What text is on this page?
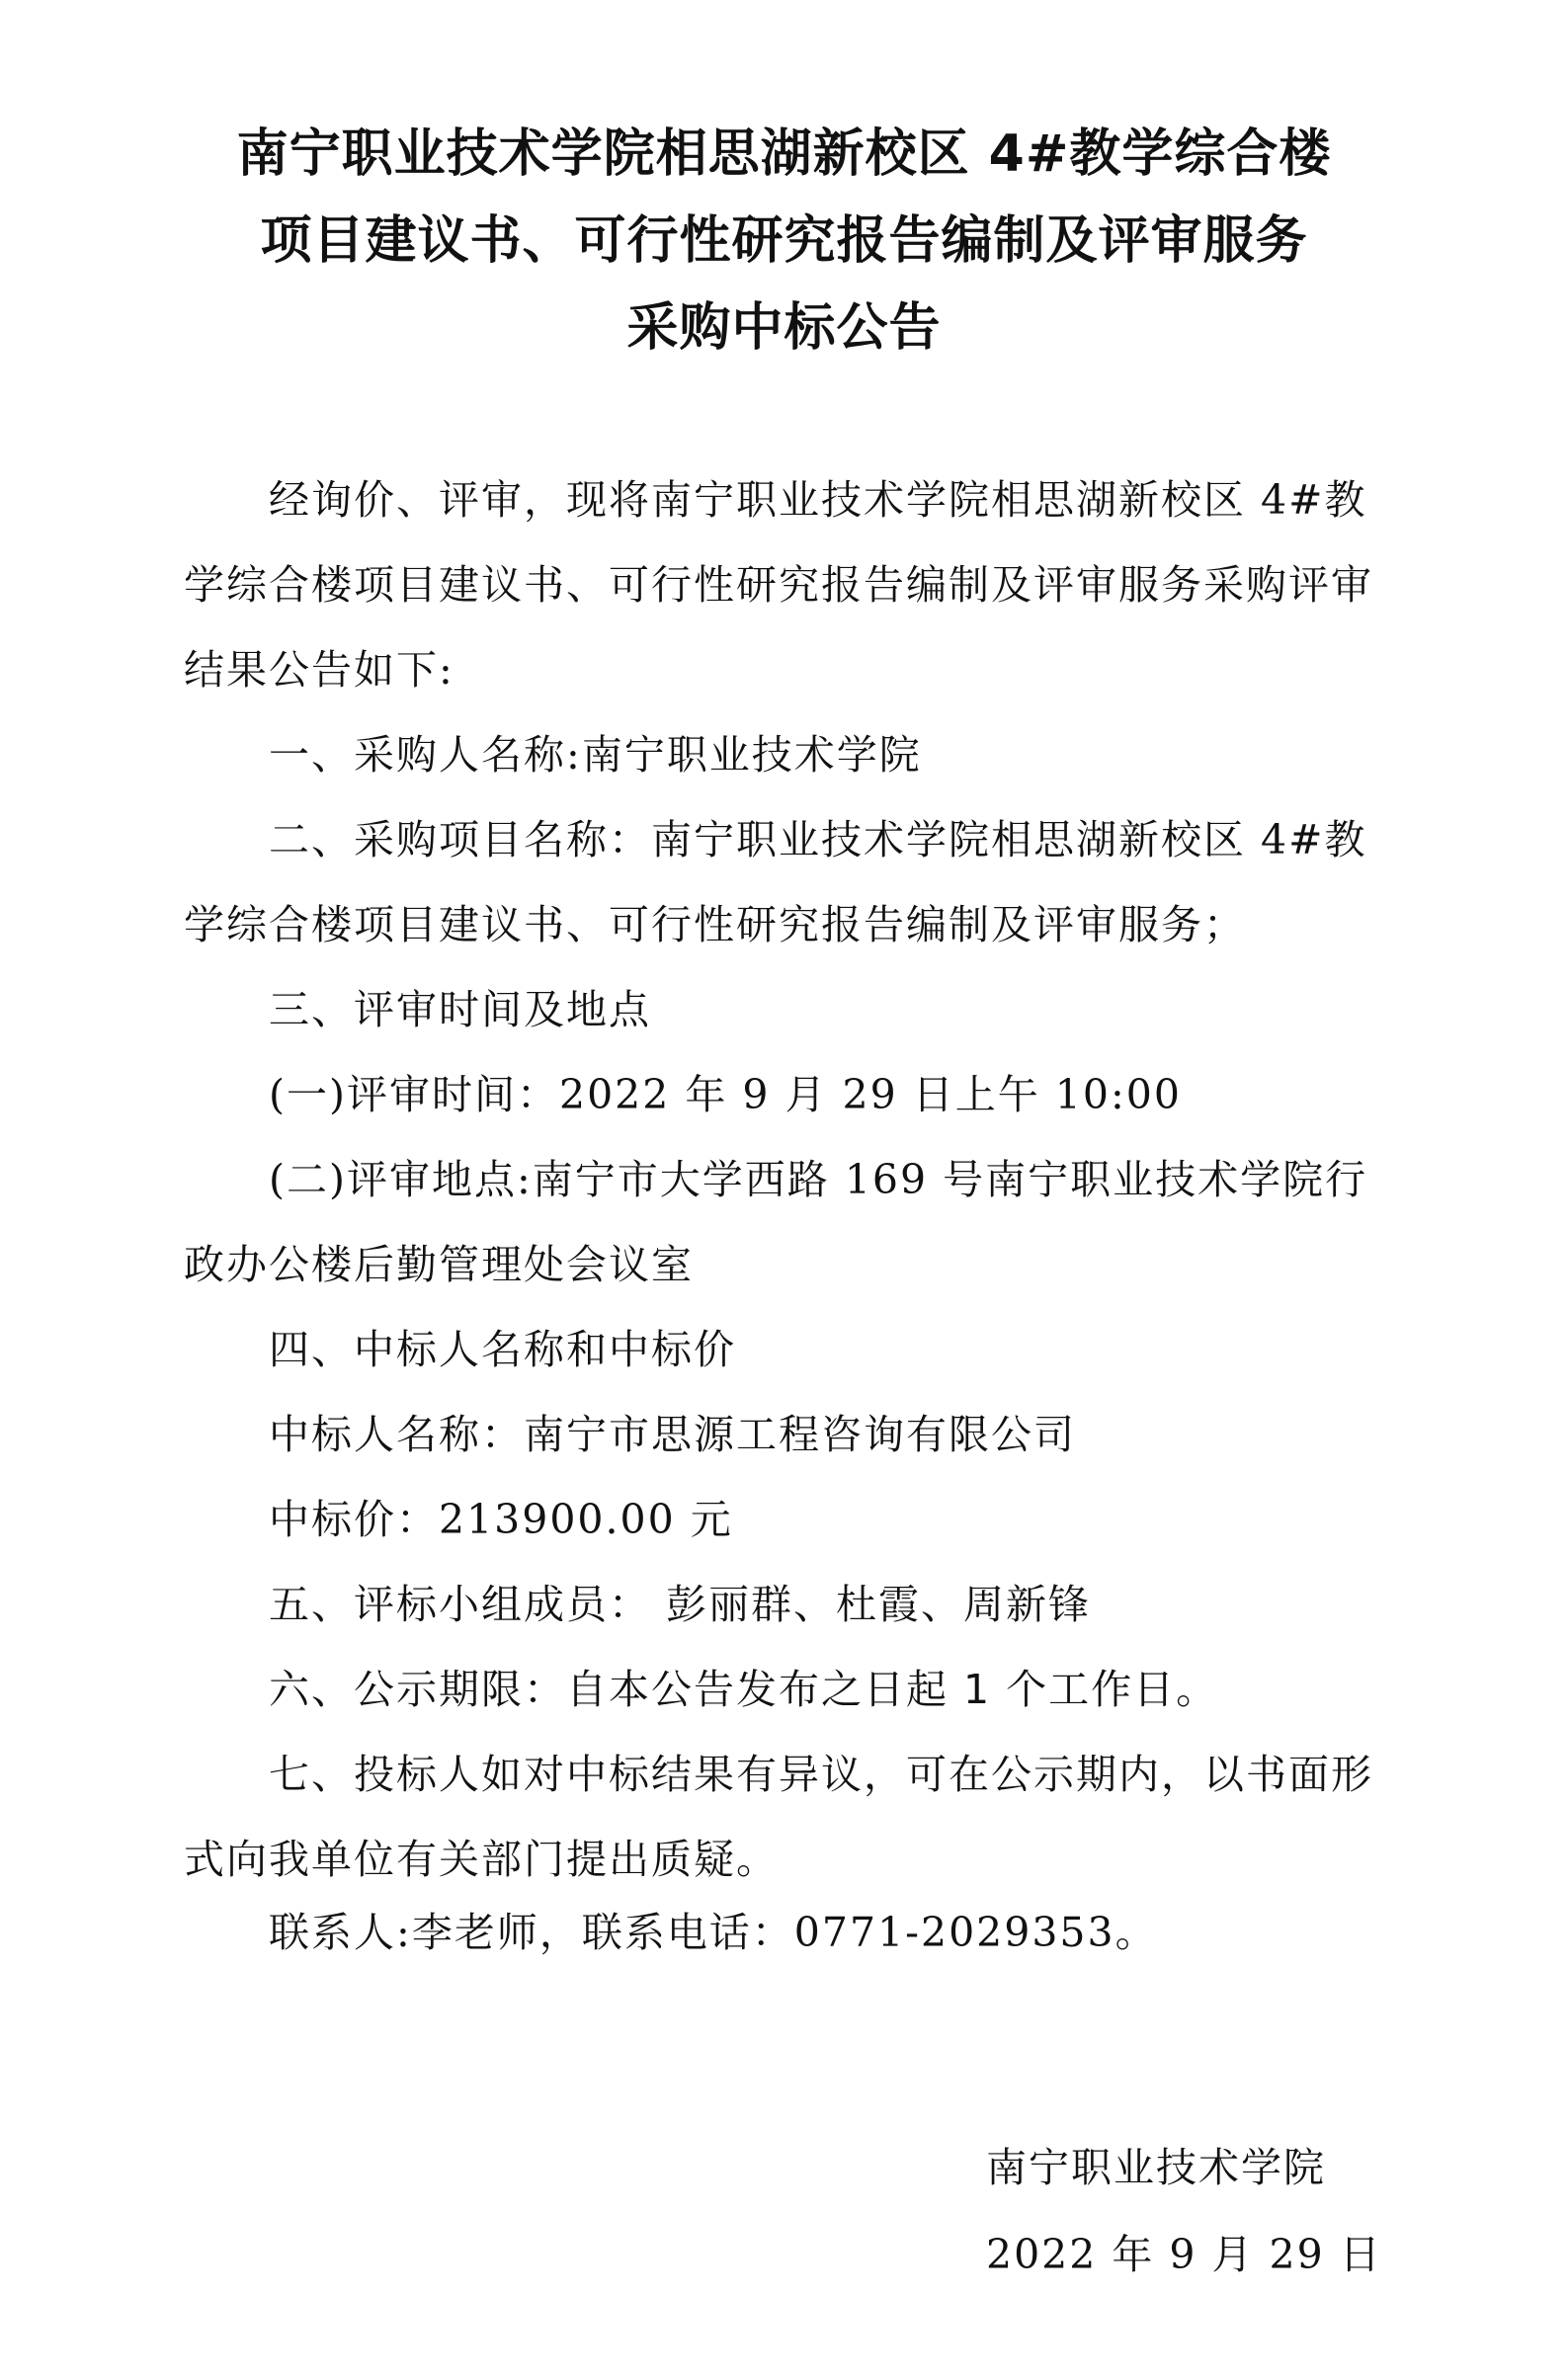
南宁职业技术学院相思湖新校区 4#教学综合楼
项目建议书、可行性研究报告编制及评审服务
采购中标公告

经询价、评审，现将南宁职业技术学院相思湖新校区 4#教学综合楼项目建议书、可行性研究报告编制及评审服务采购评审结果公告如下:

一、采购人名称:南宁职业技术学院

二、采购项目名称：南宁职业技术学院相思湖新校区 4#教学综合楼项目建议书、可行性研究报告编制及评审服务；

三、评审时间及地点

(一)评审时间：2022 年 9 月 29 日上午 10:00

(二)评审地点:南宁市大学西路 169 号南宁职业技术学院行政办公楼后勤管理处会议室

四、中标人名称和中标价

中标人名称：南宁市思源工程咨询有限公司

中标价：213900.00 元

五、评标小组成员： 彭丽群、杜霞、周新锋

六、公示期限：自本公告发布之日起 1 个工作日。

七、投标人如对中标结果有异议，可在公示期内，以书面形式向我单位有关部门提出质疑。

联系人:李老师，联系电话：0771-2029353。

南宁职业技术学院
2022 年 9 月 29 日
